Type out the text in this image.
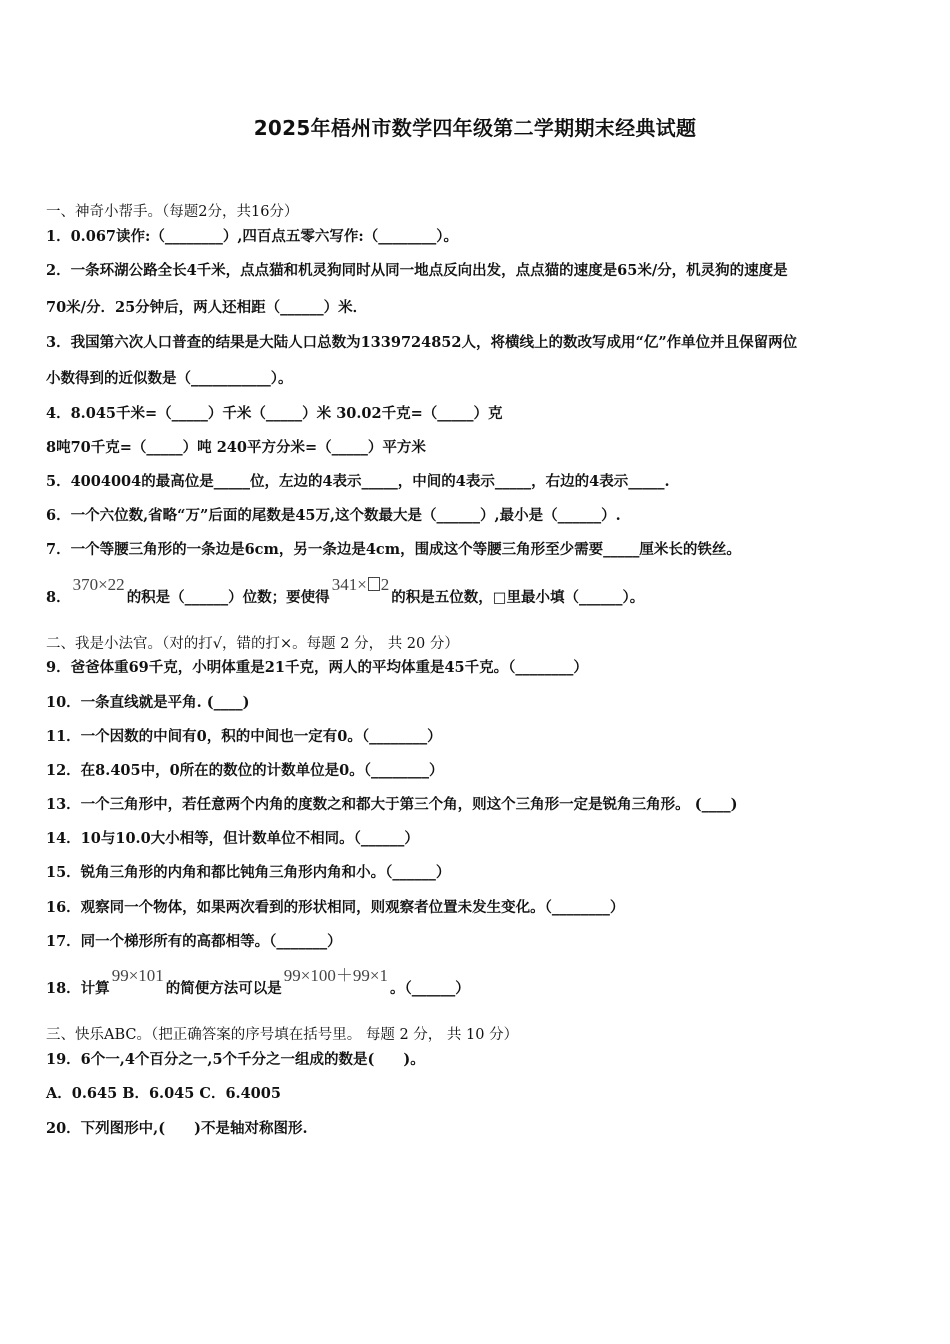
2025年梧州市数学四年级第二学期期末经典试题
一、神奇小帮手。（每题2分，共16分）
1．0.067读作:（________）,四百点五零六写作:（________）。
2．一条环湖公路全长4千米，点点猫和机灵狗同时从同一地点反向出发，点点猫的速度是65米/分，机灵狗的速度是
70米/分．25分钟后，两人还相距（______）米．
3．我国第六次人口普查的结果是大陆人口总数为1339724852人，将横线上的数改写成用“亿”作单位并且保留两位
小数得到的近似数是（___________）。
4．8.045千米=（_____）千米（_____）米 30.02千克=（_____）克
8吨70千克=（_____）吨 240平方分米=（_____）平方米
5．4004004的最高位是_____位，左边的4表示_____，中间的4表示_____，右边的4表示_____.
6．一个六位数,省略“万”后面的尾数是45万,这个数最大是（______）,最小是（______）.
7．一个等腰三角形的一条边是6cm，另一条边是4cm，围成这个等腰三角形至少需要_____厘米长的铁丝。
8．370×22的积是（______）位数；要使得341× 2的积是五位数，□里最小填（______）。
二、我是小法官。（对的打√，错的打×。每题 2 分， 共 20 分）
9．爸爸体重69千克，小明体重是21千克，两人的平均体重是45千克。（________）
10．一条直线就是平角. (____)
11．一个因数的中间有0，积的中间也一定有0。（________）
12．在8.405中，0所在的数位的计数单位是0。（________）
13．一个三角形中，若任意两个内角的度数之和都大于第三个角，则这个三角形一定是锐角三角形。 (____)
14．10与10.0大小相等，但计数单位不相同。（______）
15．锐角三角形的内角和都比钝角三角形内角和小。（______）
16．观察同一个物体，如果两次看到的形状相同，则观察者位置未发生变化。（________）
17．同一个梯形所有的高都相等。（_______）
18．计算99×101的简便方法可以是99×100＋99×1。（______）
三、快乐ABC。（把正确答案的序号填在括号里。 每题 2 分， 共 10 分）
19．6个一,4个百分之一,5个千分之一组成的数是(　　)。
A．0.645 B．6.045 C．6.4005
20．下列图形中,(　　)不是轴对称图形.
